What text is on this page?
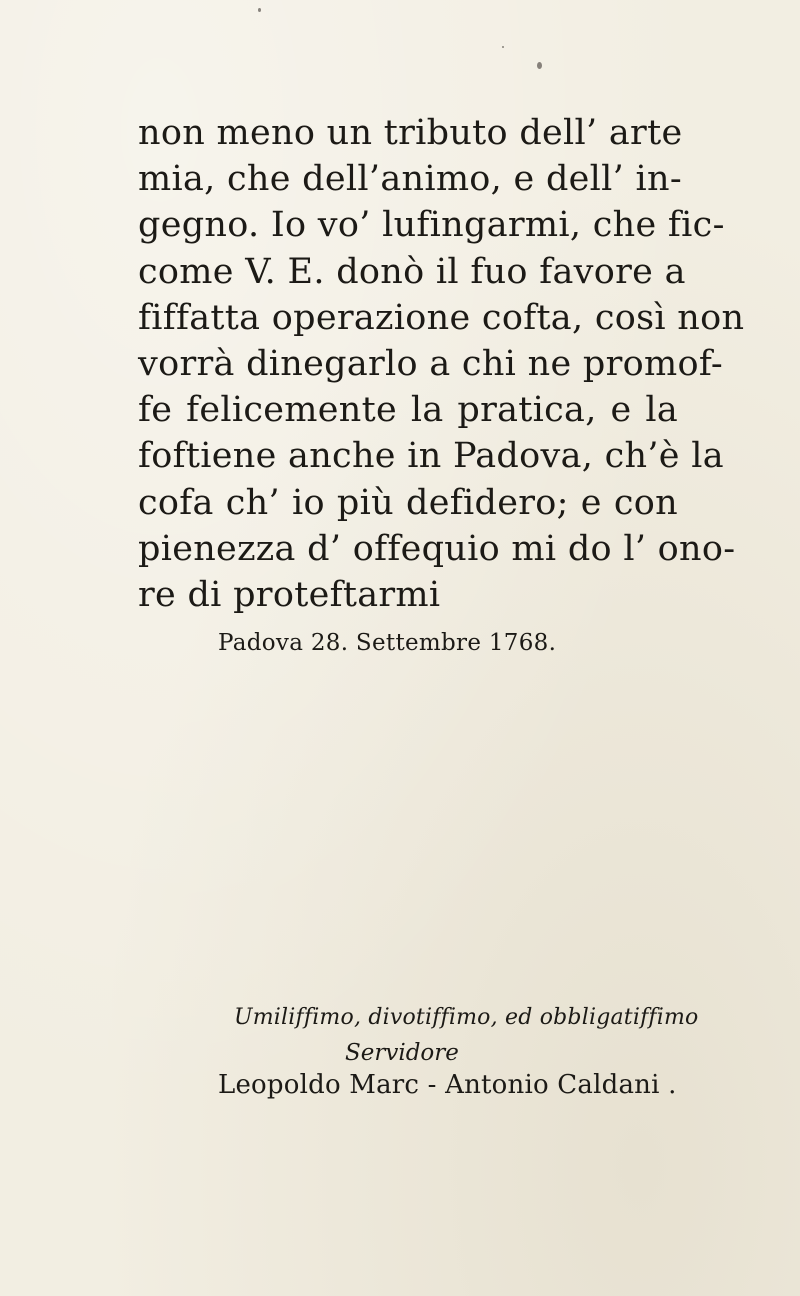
non meno un tributo dell’ arte
mia, che dell’animo, e dell’ in-
gegno. Io vo’ lufingarmi, che fic-
come V. E. donò il fuo favore a
fiffatta operazione cofta, così non
vorrà dinegarlo a chi ne promof-
fe felicemente la pratica, e la
foftiene anche in Padova, ch’è la
cofa ch’ io più defidero; e con
pienezza d’ offequio mi do l’ ono-
re di proteftarmi
Padova 28. Settembre 1768.
Umiliffimo, divotiffimo, ed obbligatiffimo
Servidore
Leopoldo Marc - Antonio Caldani .
